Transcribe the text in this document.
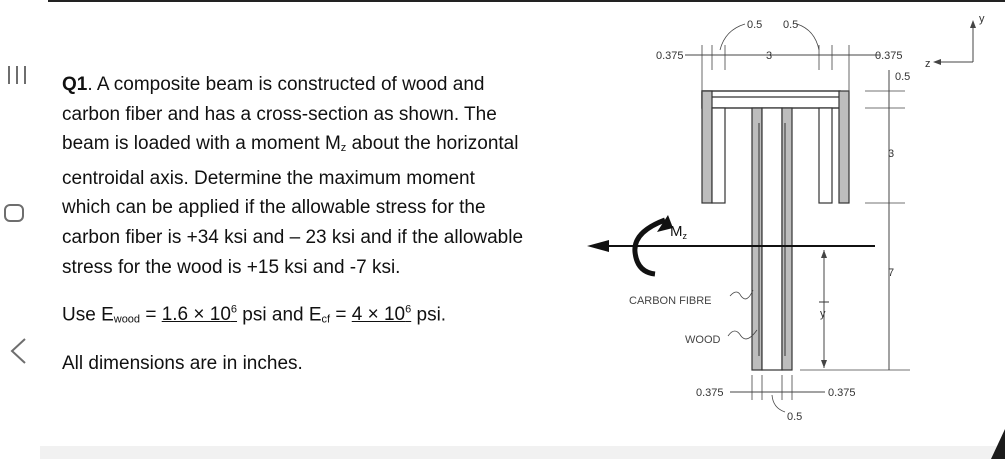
Q1. A composite beam is constructed of wood and

carbon fiber and has a cross-section as shown. The

beam is loaded with a moment $M_z$ about the horizontal

centroidal axis. Determine the maximum moment

which can be applied if the allowable stress for the

carbon fiber is +34 ksi and – 23 ksi and if the allowable

stress for the wood is +15 ksi and -7 ksi.

Use $E_{wood} = 1.6 \times 10^6$ psi and $E_{cf} = 4 \times 10^6$ psi.

All dimensions are in inches.

$M_z$
0.375
0.5 0.5
3	0.375
0.5
3
7
y
CARBON FIBRE
WOOD
0.375	0.375
0.5
y
z
